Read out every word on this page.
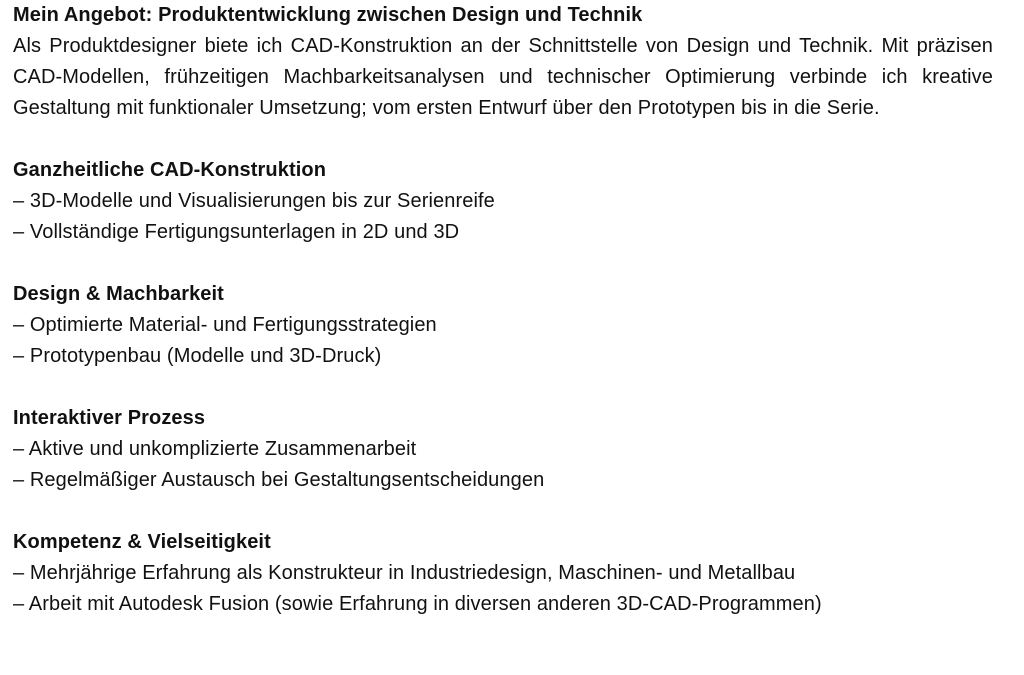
Mein Angebot: Produktentwicklung zwischen Design und Technik

Als Produktdesigner biete ich CAD-Konstruktion an der Schnittstelle von Design und Technik. Mit präzisen CAD-Modellen, frühzeitigen Machbarkeitsanalysen und technischer Optimierung verbinde ich kreative Gestaltung mit funktionaler Umsetzung; vom ersten Entwurf über den Prototypen bis in die Serie.

Ganzheitliche CAD-Konstruktion
– 3D-Modelle und Visualisierungen bis zur Serienreife
– Vollständige Fertigungsunterlagen in 2D und 3D
Design & Machbarkeit
– Optimierte Material- und Fertigungsstrategien
– Prototypenbau (Modelle und 3D-Druck)
Interaktiver Prozess
– Aktive und unkomplizierte Zusammenarbeit
– Regelmäßiger Austausch bei Gestaltungsentscheidungen
Kompetenz & Vielseitigkeit
– Mehrjährige Erfahrung als Konstrukteur in Industriedesign, Maschinen- und Metallbau
– Arbeit mit Autodesk Fusion (sowie Erfahrung in diversen anderen 3D-CAD-Programmen)
